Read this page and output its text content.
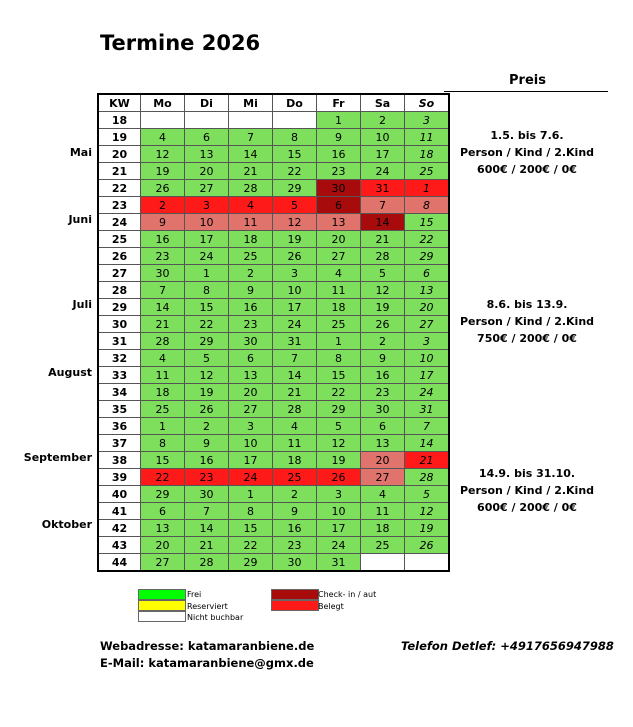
Termine 2026
Preis
KW	Mo	Di	Mi	Do	Fr	Sa	So
18					1	2	3
19	4	6	7	8	9	10	11
20	12	13	14	15	16	17	18
21	19	20	21	22	23	24	25
22	26	27	28	29	30	31	1
23	2	3	4	5	6	7	8
24	9	10	11	12	13	14	15
25	16	17	18	19	20	21	22
26	23	24	25	26	27	28	29
27	30	1	2	3	4	5	6
28	7	8	9	10	11	12	13
29	14	15	16	17	18	19	20
30	21	22	23	24	25	26	27
31	28	29	30	31	1	2	3
32	4	5	6	7	8	9	10
33	11	12	13	14	15	16	17
34	18	19	20	21	22	23	24
35	25	26	27	28	29	30	31
36	1	2	3	4	5	6	7
37	8	9	10	11	12	13	14
38	15	16	17	18	19	20	21
39	22	23	24	25	26	27	28
40	29	30	1	2	3	4	5
41	6	7	8	9	10	11	12
42	13	14	15	16	17	18	19
43	20	21	22	23	24	25	26
44	27	28	29	30	31		
Mai
Juni
Juli
August
September
Oktober
1.5. bis 7.6.
Person / Kind / 2.Kind
600€ / 200€ / 0€
8.6. bis 13.9.
Person / Kind / 2.Kind
750€ / 200€ / 0€
14.9. bis 31.10.
Person / Kind / 2.Kind
600€ / 200€ / 0€
Frei
Reserviert
Nicht buchbar
Check- in / aut
Belegt
Webadresse: katamaranbiene.de
E-Mail: katamaranbiene@gmx.de
Telefon Detlef: +4917656947988
